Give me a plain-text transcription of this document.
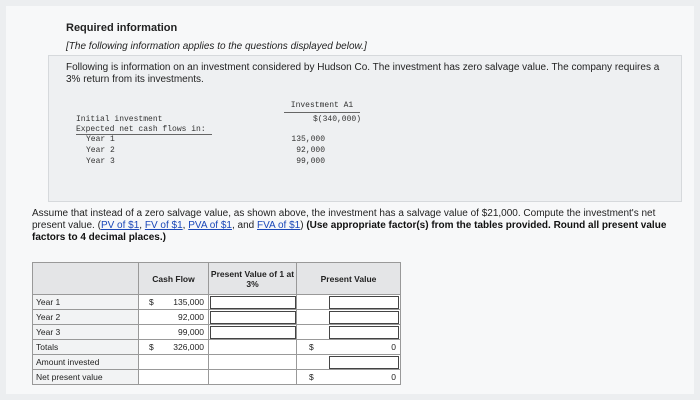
Required information
[The following information applies to the questions displayed below.]
Following is information on an investment considered by Hudson Co. The investment has zero salvage value. The company requires a 3% return from its investments.
Investment A1
Initial investment	$(340,000)
Expected net cash flows in:
Year 1	135,000
Year 2	92,000
Year 3	99,000
Assume that instead of a zero salvage value, as shown above, the investment has a salvage value of $21,000. Compute the investment's net present value. (PV of $1, FV of $1, PVA of $1, and FVA of $1) (Use appropriate factor(s) from the tables provided. Round all present value factors to 4 decimal places.)
	Cash Flow	Present Value of 1 at 3%	Present Value
Year 1	$ 135,000		

Year 2	92,000		

Year 3	99,000		

Totals	$ 326,000		$ 0

Amount invested			

Net present value			$ 0
